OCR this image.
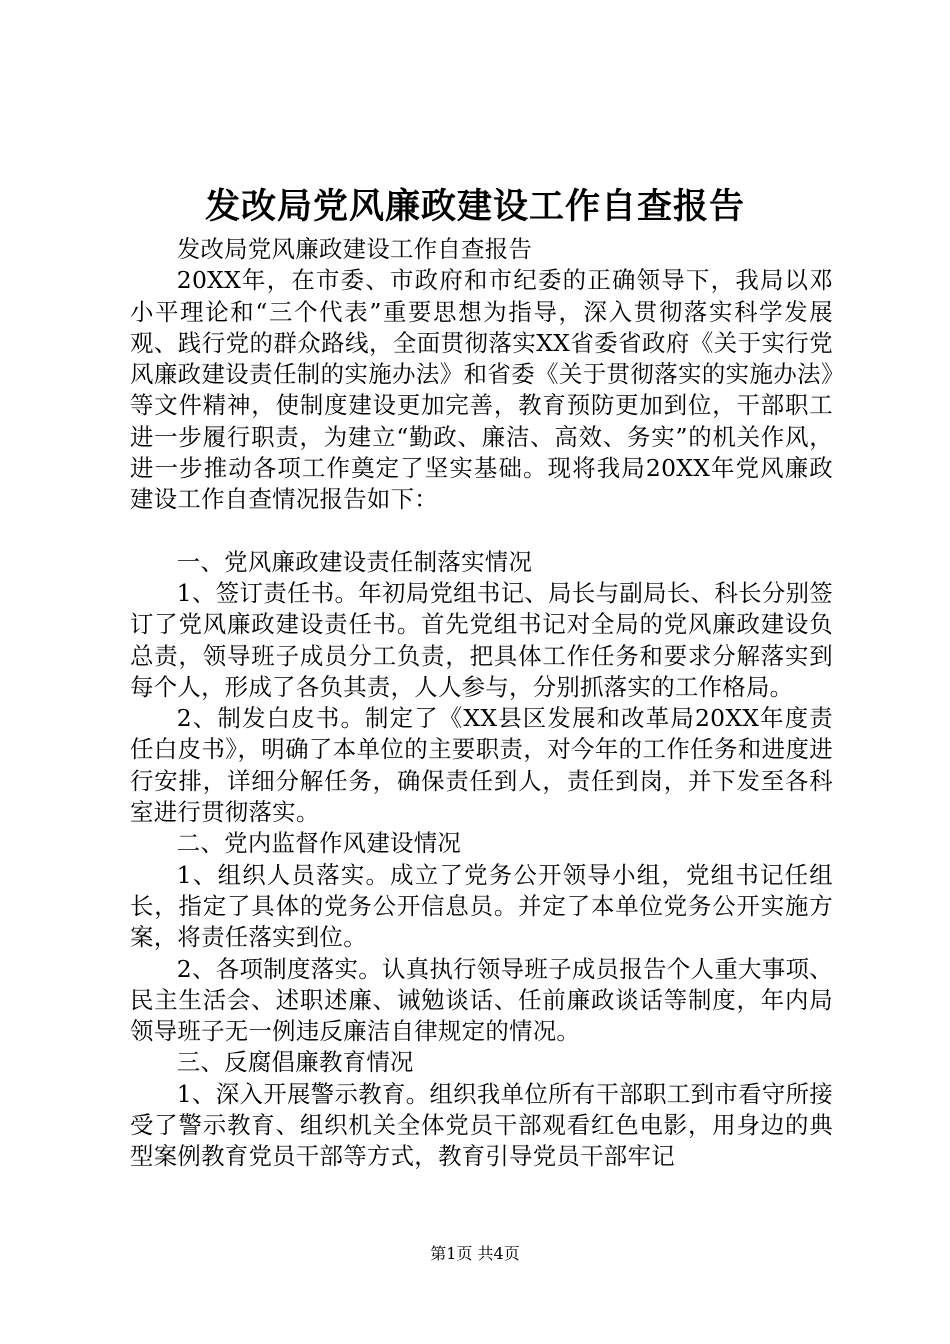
发改局党风廉政建设工作自查报告

发改局党风廉政建设工作自查报告

20XX年，在市委、市政府和市纪委的正确领导下，我局以邓小平理论和“三个代表”重要思想为指导，深入贯彻落实科学发展观、践行党的群众路线，全面贯彻落实XX省委省政府《关于实行党风廉政建设责任制的实施办法》和省委《关于贯彻落实的实施办法》等文件精神，使制度建设更加完善，教育预防更加到位，干部职工进一步履行职责，为建立“勤政、廉洁、高效、务实”的机关作风，进一步推动各项工作奠定了坚实基础。现将我局20XX年党风廉政建设工作自查情况报告如下：

一、党风廉政建设责任制落实情况

1、签订责任书。年初局党组书记、局长与副局长、科长分别签订了党风廉政建设责任书。首先党组书记对全局的党风廉政建设负总责，领导班子成员分工负责，把具体工作任务和要求分解落实到每个人，形成了各负其责，人人参与，分别抓落实的工作格局。

2、制发白皮书。制定了《XX县区发展和改革局20XX年度责任白皮书》，明确了本单位的主要职责，对今年的工作任务和进度进行安排，详细分解任务，确保责任到人，责任到岗，并下发至各科室进行贯彻落实。

二、党内监督作风建设情况

1、组织人员落实。成立了党务公开领导小组，党组书记任组长，指定了具体的党务公开信息员。并定了本单位党务公开实施方案，将责任落实到位。

2、各项制度落实。认真执行领导班子成员报告个人重大事项、民主生活会、述职述廉、诫勉谈话、任前廉政谈话等制度，年内局领导班子无一例违反廉洁自律规定的情况。

三、反腐倡廉教育情况

1、深入开展警示教育。组织我单位所有干部职工到市看守所接受了警示教育、组织机关全体党员干部观看红色电影，用身边的典型案例教育党员干部等方式，教育引导党员干部牢记

第1页 共4页
